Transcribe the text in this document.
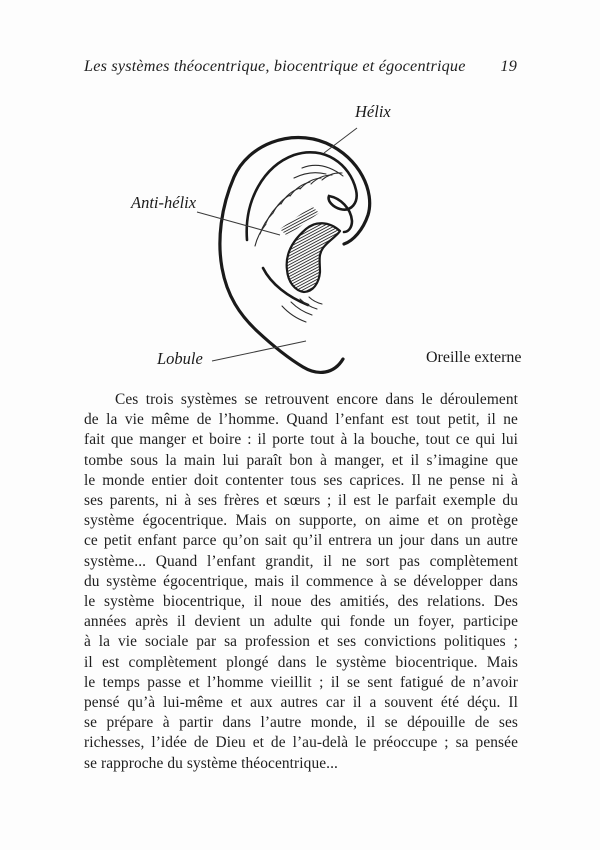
Les systèmes théocentrique, biocentrique et égocentrique 19
Hélix
Anti-hélix
Lobule	Oreille externe
Ces trois systèmes se retrouvent encore dans le déroulement
de la vie même de l’homme. Quand l’enfant est tout petit, il ne
fait que manger et boire : il porte tout à la bouche, tout ce qui lui
tombe sous la main lui paraît bon à manger, et il s’imagine que
le monde entier doit contenter tous ses caprices. Il ne pense ni à
ses parents, ni à ses frères et sœurs ; il est le parfait exemple du
système égocentrique. Mais on supporte, on aime et on protège
ce petit enfant parce qu’on sait qu’il entrera un jour dans un autre
système... Quand l’enfant grandit, il ne sort pas complètement
du système égocentrique, mais il commence à se développer dans
le système biocentrique, il noue des amitiés, des relations. Des
années après il devient un adulte qui fonde un foyer, participe
à la vie sociale par sa profession et ses convictions politiques ;
il est complètement plongé dans le système biocentrique. Mais
le temps passe et l’homme vieillit ; il se sent fatigué de n’avoir
pensé qu’à lui-même et aux autres car il a souvent été déçu. Il
se prépare à partir dans l’autre monde, il se dépouille de ses
richesses, l’idée de Dieu et de l’au-delà le préoccupe ; sa pensée
se rapproche du système théocentrique...
